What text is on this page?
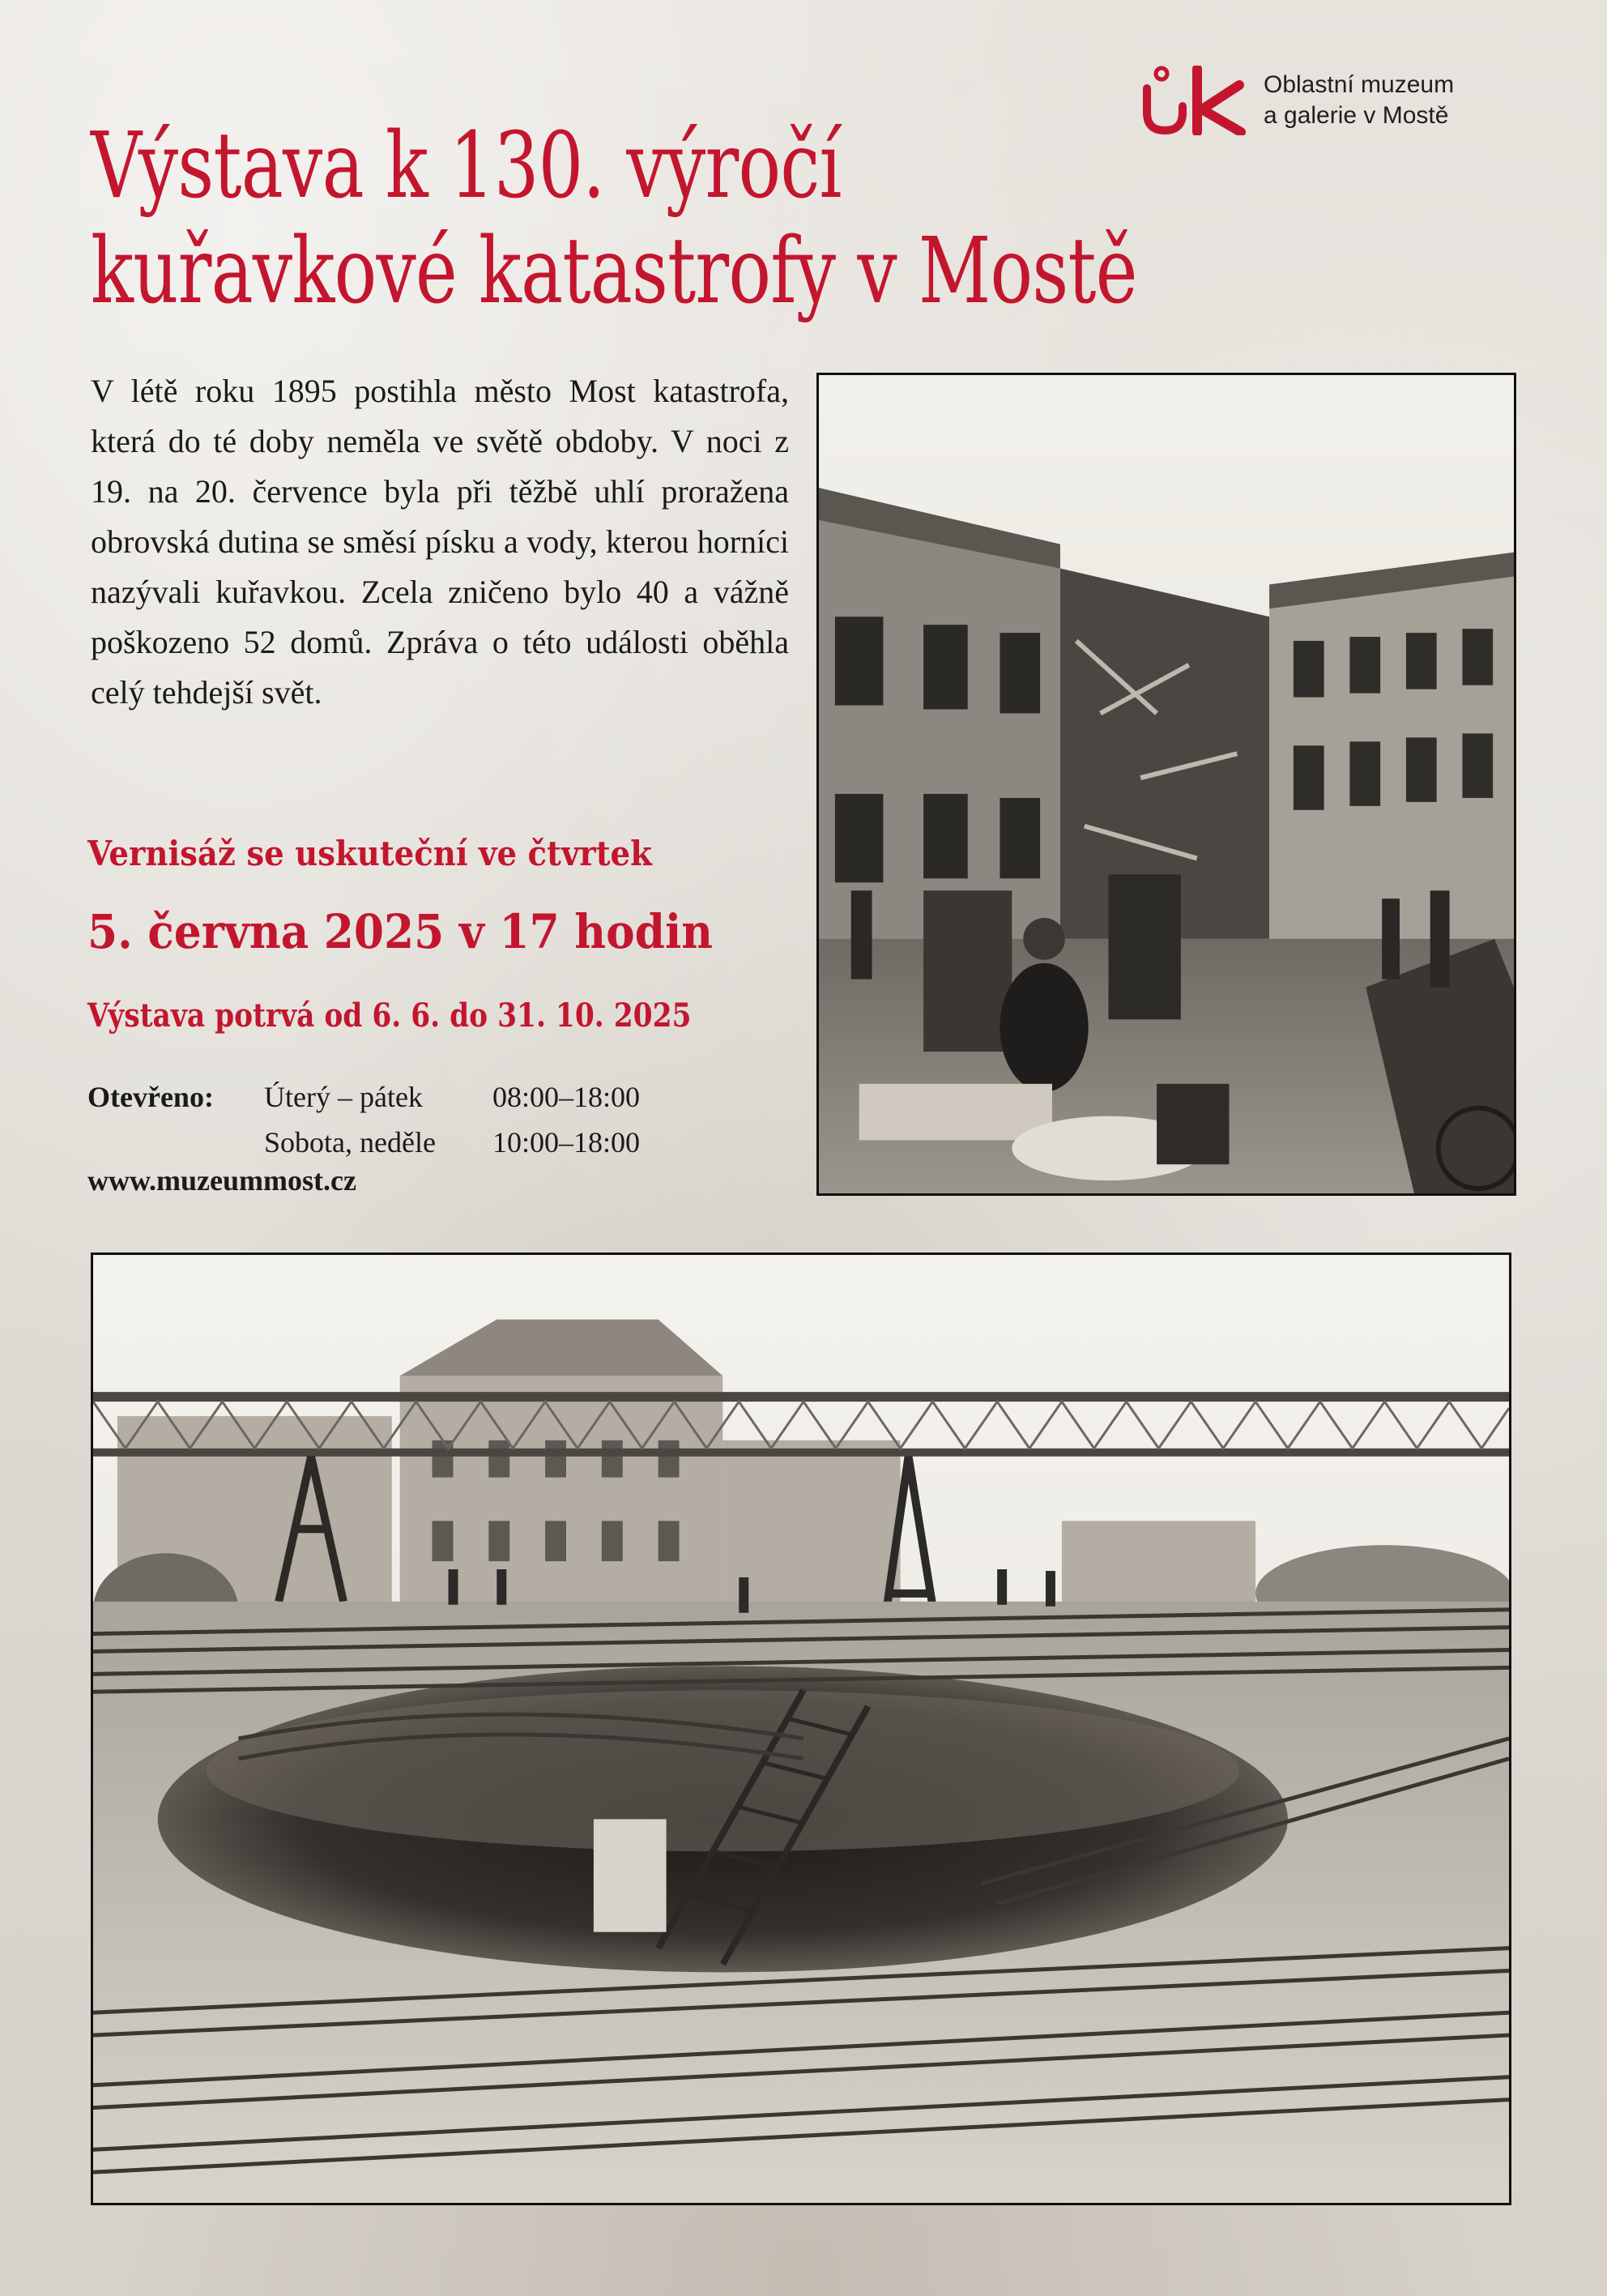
Oblastní muzeum
a galerie v Mostě
Výstava k 130. výročí
kuřavkové katastrofy v Mostě

V létě roku 1895 postihla město Most katastrofa, která do té doby neměla ve světě obdoby. V noci z 19. na 20. července byla při těžbě uhlí proražena obrovská dutina se směsí písku a vody, kterou horníci nazývali kuřavkou. Zcela zničeno bylo 40 a vážně poškozeno 52 domů. Zpráva o této události oběhla celý tehdejší svět.

Vernisáž se uskuteční ve čtvrtek
5. června 2025 v 17 hodin
Výstava potrvá od 6. 6. do 31. 10. 2025
Otevřeno:	Úterý – pátek	08:00–18:00
Sobota, neděle	10:00–18:00
www.muzeummost.cz
